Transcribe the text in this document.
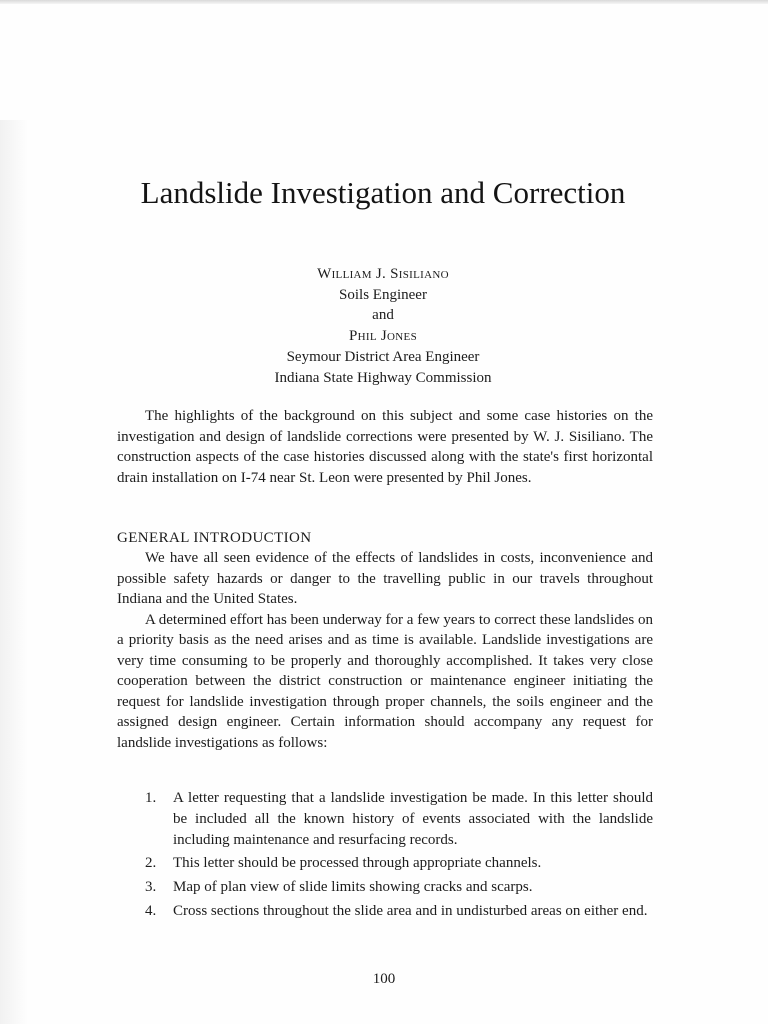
Landslide Investigation and Correction
William J. Sisiliano
Soils Engineer
and
Phil Jones
Seymour District Area Engineer
Indiana State Highway Commission

The highlights of the background on this subject and some case histories on the investigation and design of landslide corrections were presented by W. J. Sisiliano. The construction aspects of the case histories discussed along with the state's first horizontal drain installation on I-74 near St. Leon were presented by Phil Jones.

GENERAL INTRODUCTION

We have all seen evidence of the effects of landslides in costs, inconvenience and possible safety hazards or danger to the travelling public in our travels throughout Indiana and the United States.

A determined effort has been underway for a few years to correct these landslides on a priority basis as the need arises and as time is available. Landslide investigations are very time consuming to be properly and thoroughly accomplished. It takes very close cooperation between the district construction or maintenance engineer initiating the request for landslide investigation through proper channels, the soils engineer and the assigned design engineer. Certain information should accompany any request for landslide investigations as follows:

1.	A letter requesting that a landslide investigation be made. In this letter should be included all the known history of events associated with the landslide including maintenance and resurfacing records.
2.	This letter should be processed through appropriate channels.
3.	Map of plan view of slide limits showing cracks and scarps.
4.	Cross sections throughout the slide area and in undisturbed areas on either end.
100
